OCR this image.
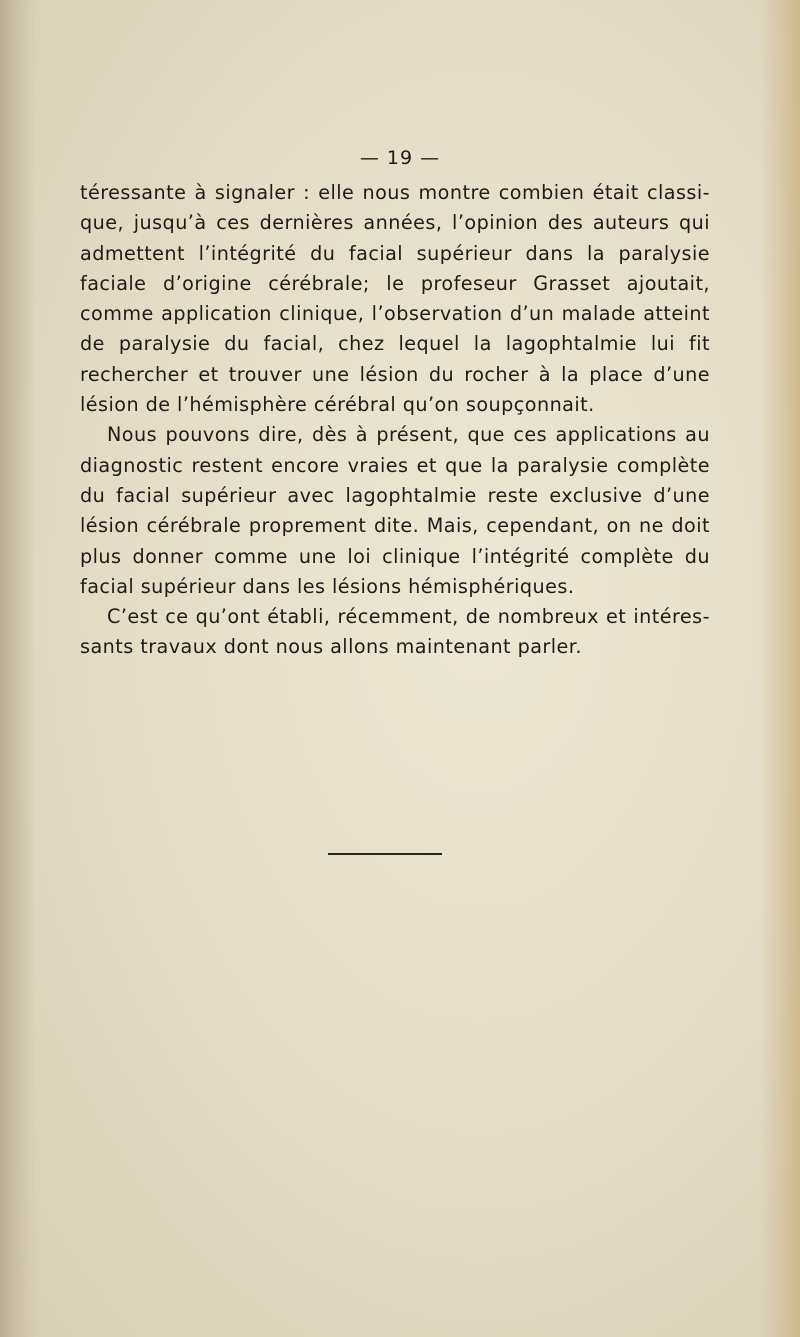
— 19 —
téressante à signaler : elle nous montre combien était classi-
que, jusqu’à ces dernières années, l’opinion des auteurs qui
admettent l’intégrité du facial supérieur dans la paralysie
faciale d’origine cérébrale; le profeseur Grasset ajoutait,
comme application clinique, l’observation d’un malade atteint
de paralysie du facial, chez lequel la lagophtalmie lui fit
rechercher et trouver une lésion du rocher à la place d’une
lésion de l’hémisphère cérébral qu’on soupçonnait.
Nous pouvons dire, dès à présent, que ces applications au
diagnostic restent encore vraies et que la paralysie complète
du facial supérieur avec lagophtalmie reste exclusive d’une
lésion cérébrale proprement dite. Mais, cependant, on ne doit
plus donner comme une loi clinique l’intégrité complète du
facial supérieur dans les lésions hémisphériques.
C’est ce qu’ont établi, récemment, de nombreux et intéres-
sants travaux dont nous allons maintenant parler.
